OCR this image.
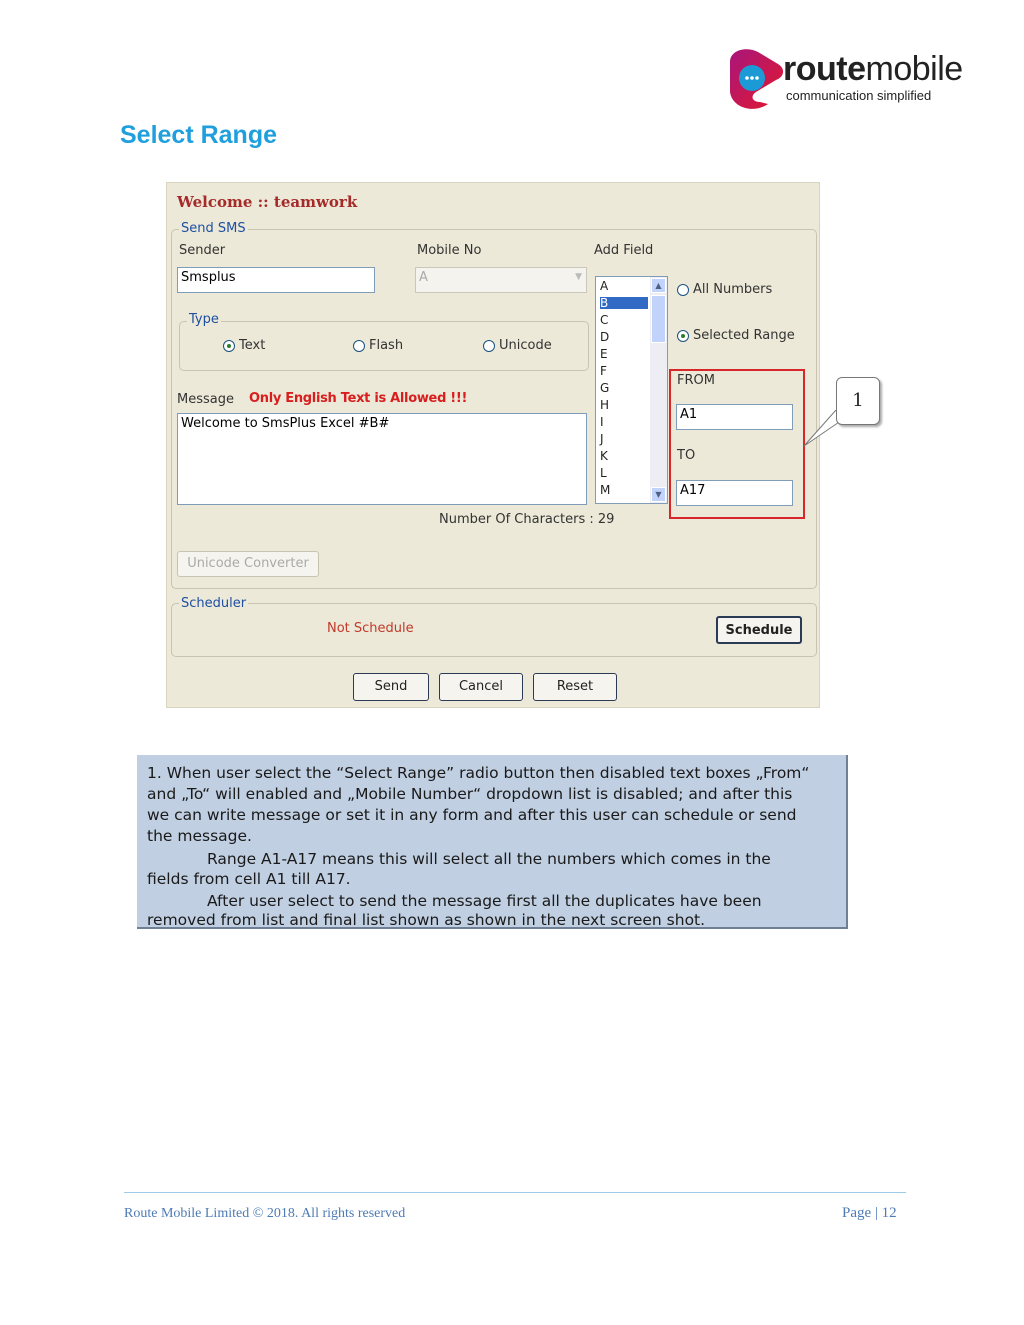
routemobile
communication simplified
Select Range
Welcome :: teamwork
Send SMS
Sender
Smsplus
Mobile No
A	▼
Add Field
A
B
C
D
E
F
G
H
I
J
K
L
M
▲
▼
Type
Text	Flash	Unicode
All Numbers
Selected Range
FROM
A1
TO
A17
Message Only English Text is Allowed !!!
Welcome to SmsPlus Excel #B#
Number Of Characters : 29
Unicode Converter
Scheduler
Not Schedule	Schedule
Send	Cancel	Reset
1
1. When user select the “Select Range” radio button then disabled text boxes „From“
and „To“ will enabled and „Mobile Number“ dropdown list is disabled; and after this
we can write message or set it in any form and after this user can schedule or send
the message.
Range A1-A17 means this will select all the numbers which comes in the
fields from cell A1 till A17.
After user select to send the message first all the duplicates have been
removed from list and final list shown as shown in the next screen shot.
Route Mobile Limited © 2018. All rights reserved	Page | 12
